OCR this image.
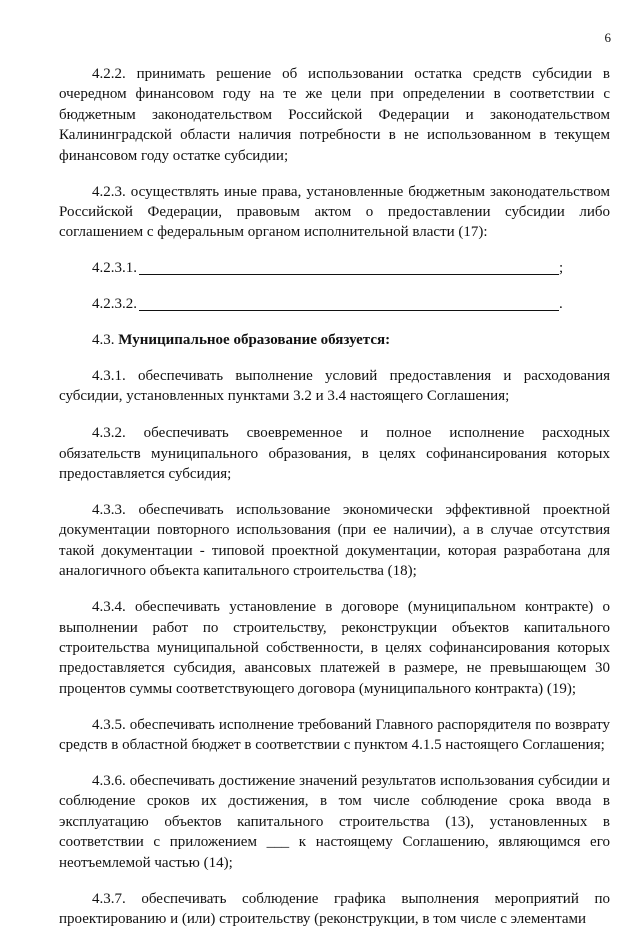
6

4.2.2. принимать решение об использовании остатка средств субсидии в очередном финансовом году на те же цели при определении в соответствии с бюджетным законодательством Российской Федерации и законодательством Калининградской области наличия потребности в не использованном в текущем финансовом году остатке субсидии;

4.2.3. осуществлять иные права, установленные бюджетным законодательством Российской Федерации, правовым актом о предоставлении субсидии либо соглашением с федеральным органом исполнительной власти (17):

4.2.3.1.	;
4.2.3.2.	.
4.3. Муниципальное образование обязуется:

4.3.1. обеспечивать выполнение условий предоставления и расходования субсидии, установленных пунктами 3.2 и 3.4 настоящего Соглашения;

4.3.2. обеспечивать своевременное и полное исполнение расходных обязательств муниципального образования, в целях софинансирования которых предоставляется субсидия;

4.3.3. обеспечивать использование экономически эффективной проектной документации повторного использования (при ее наличии), а в случае отсутствия такой документации - типовой проектной документации, которая разработана для аналогичного объекта капитального строительства (18);

4.3.4. обеспечивать установление в договоре (муниципальном контракте) о выполнении работ по строительству, реконструкции объектов капитального строительства муниципальной собственности, в целях софинансирования которых предоставляется субсидия, авансовых платежей в размере, не превышающем 30 процентов суммы соответствующего договора (муниципального контракта) (19);

4.3.5. обеспечивать исполнение требований Главного распорядителя по возврату средств в областной бюджет в соответствии с пунктом 4.1.5 настоящего Соглашения;

4.3.6. обеспечивать достижение значений результатов использования субсидии и соблюдение сроков их достижения, в том числе соблюдение срока ввода в эксплуатацию объектов капитального строительства (13), установленных в соответствии с приложением ___ к настоящему Соглашению, являющимся его неотъемлемой частью (14);

4.3.7. обеспечивать соблюдение графика выполнения мероприятий по проектированию и (или) строительству (реконструкции, в том числе с элементами
